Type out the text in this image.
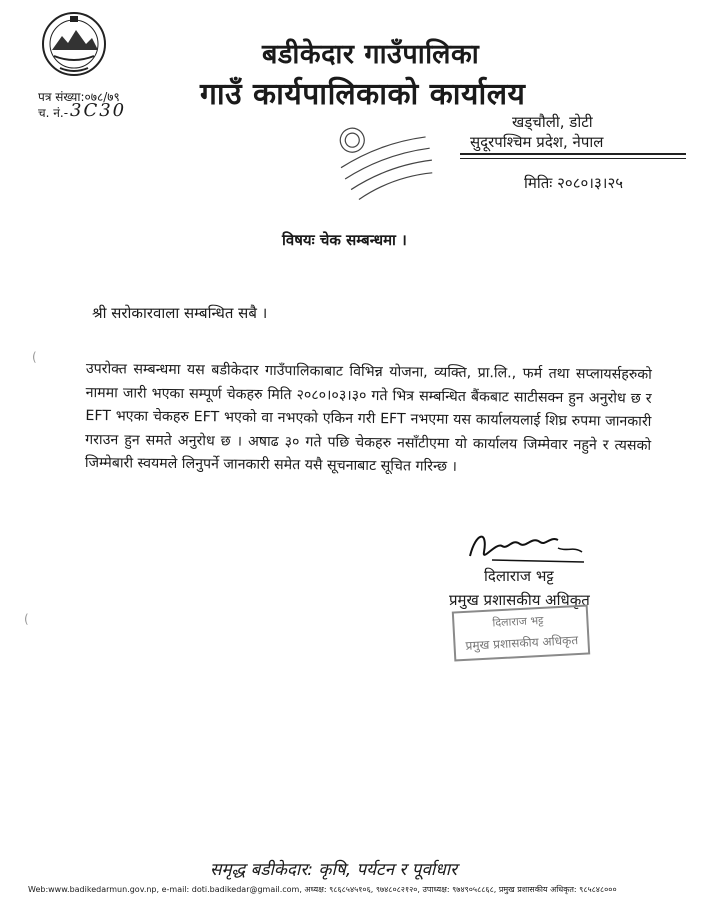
बडीकेदार गाउँपालिका
गाउँ कार्यपालिकाको कार्यालय
पत्र संख्या:०७८/७९
च. नं.- 3C30
खड्चौली, डोटी
सुदूरपश्चिम प्रदेश, नेपाल
मितिः २०८०।३।२५
विषयः चेक सम्बन्धमा ।
श्री सरोकारवाला सम्बन्धित सबै ।
(
(
उपरोक्त सम्बन्धमा यस बडीकेदार गाउँपालिकाबाट विभिन्न योजना, व्यक्ति, प्रा.लि., फर्म तथा सप्लायर्सहरुको नाममा जारी भएका सम्पूर्ण चेकहरु मिति २०८०।०३।३० गते भित्र सम्बन्धित बैंकबाट साटीसक्न हुन अनुरोध छ र EFT भएका चेकहरु EFT भएको वा नभएको एकिन गरी EFT नभएमा यस कार्यालयलाई शिघ्र रुपमा जानकारी गराउन हुन समते अनुरोध छ । अषाढ ३० गते पछि चेकहरु नसाँटीएमा यो कार्यालय जिम्मेवार नहुने र त्यसको जिम्मेबारी स्वयमले लिनुपर्ने जानकारी समेत यसै सूचनाबाट सूचित गरिन्छ ।
दिलाराज भट्ट
प्रमुख प्रशासकीय अधिकृत
दिलाराज भट्ट
प्रमुख प्रशासकीय अधिकृत
समृद्ध बडीकेदार: कृषि, पर्यटन र पूर्वाधार
Web:www.badikedarmun.gov.np, e-mail: doti.badikedar@gmail.com, अध्यक्ष: ९८६८५४५१०६, ९७४८०८२१२०, उपाध्यक्ष: ९७४९०५८८६८, प्रमुख प्रशासकीय अधिकृत: ९८५८४८०००
